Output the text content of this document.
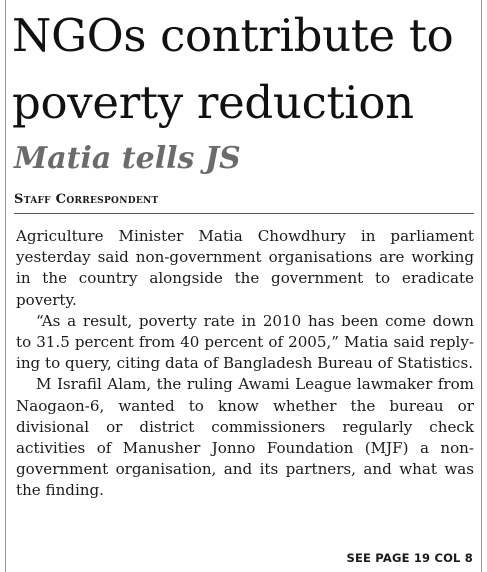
NGOs contribute to
poverty reduction
Matia tells JS
Staff Correspondent

Agriculture Minister Matia Chowdhury in parliament yesterday said non-government organisations are working in the country alongside the government to eradicate poverty.

“As a result, poverty rate in 2010 has been come down to 31.5 percent from 40 percent of 2005,” Matia said replying to query, citing data of Bangladesh Bureau of Statistics.

M Israfil Alam, the ruling Awami League lawmaker from Naogaon-6, wanted to know whether the bureau or divisional or district commissioners regularly check activities of Manusher Jonno Foundation (MJF) a non-government organisation, and its partners, and what was the finding.

SEE PAGE 19 COL 8
